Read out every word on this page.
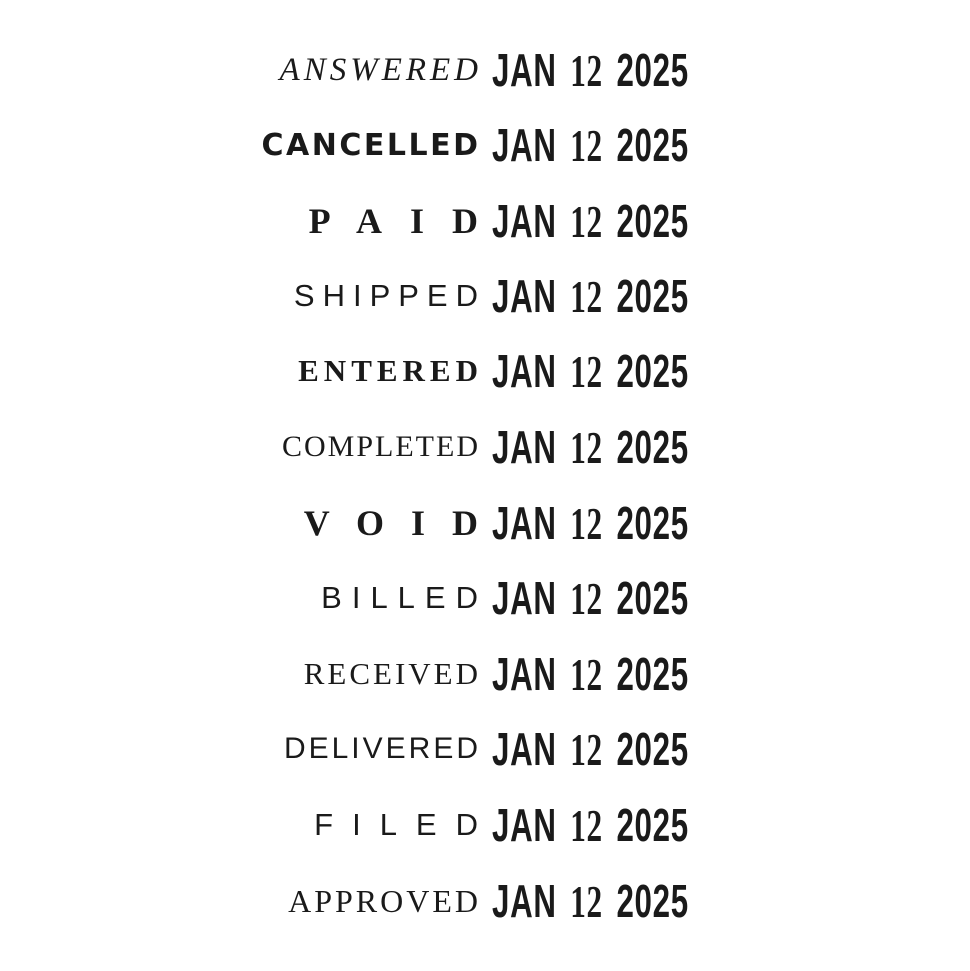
ANSWERED JAN 12 2025
CANCELLED JAN 12 2025
PAID
JAN 12 2025
SHIPPED JAN 12 2025
ENTERED JAN 12 2025
COMPLETED JAN 12 2025
VOID
JAN 12 2025
BILLED JAN 12 2025
RECEIVED JAN 12 2025
DELIVERED JAN 12 2025
FILED
JAN 12 2025
APPROVED JAN 12 2025
